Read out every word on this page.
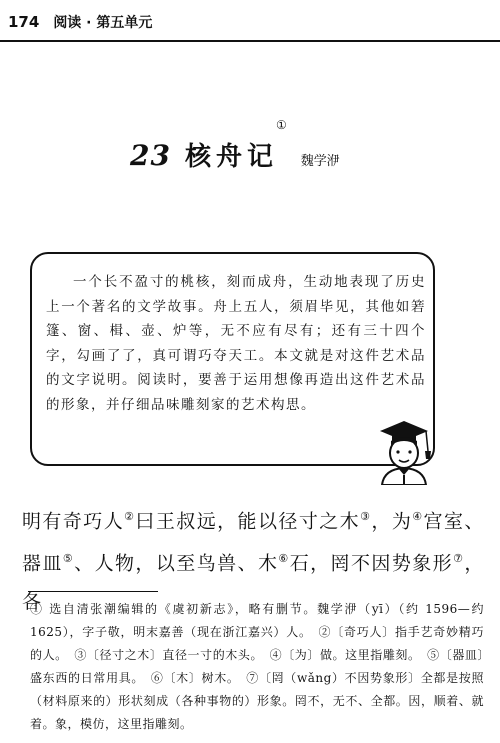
174 阅读 · 第五单元
23 核舟记
①
魏学洢

一个长不盈寸的桃核，刻而成舟，生动地表现了历史上一个著名的文学故事。舟上五人，须眉毕见，其他如箬篷、窗、楫、壶、炉等，无不应有尽有；还有三十四个字，勾画了了，真可谓巧夺天工。本文就是对这件艺术品的文字说明。阅读时，要善于运用想像再造出这件艺术品的形象，并仔细品味雕刻家的艺术构思。

明有奇巧人②曰王叔远，能以径寸之木③，为④宫室、器皿⑤、人物，以至鸟兽、木⑥石，罔不因势象形⑦，各

① 选自清张潮编辑的《虞初新志》，略有删节。魏学洢（yī）（约 1596—约 1625），字子敬，明末嘉善（现在浙江嘉兴）人。　 ②〔奇巧人〕指手艺奇妙精巧的人。　 ③〔径寸之木〕直径一寸的木头。　 ④〔为〕做。这里指雕刻。　 ⑤〔器皿〕盛东西的日常用具。　 ⑥〔木〕树木。　 ⑦〔罔（wǎng）不因势象形〕全都是按照（材料原来的）形状刻成（各种事物的）形象。罔不，无不、全都。因，顺着、就着。象，模仿，这里指雕刻。
